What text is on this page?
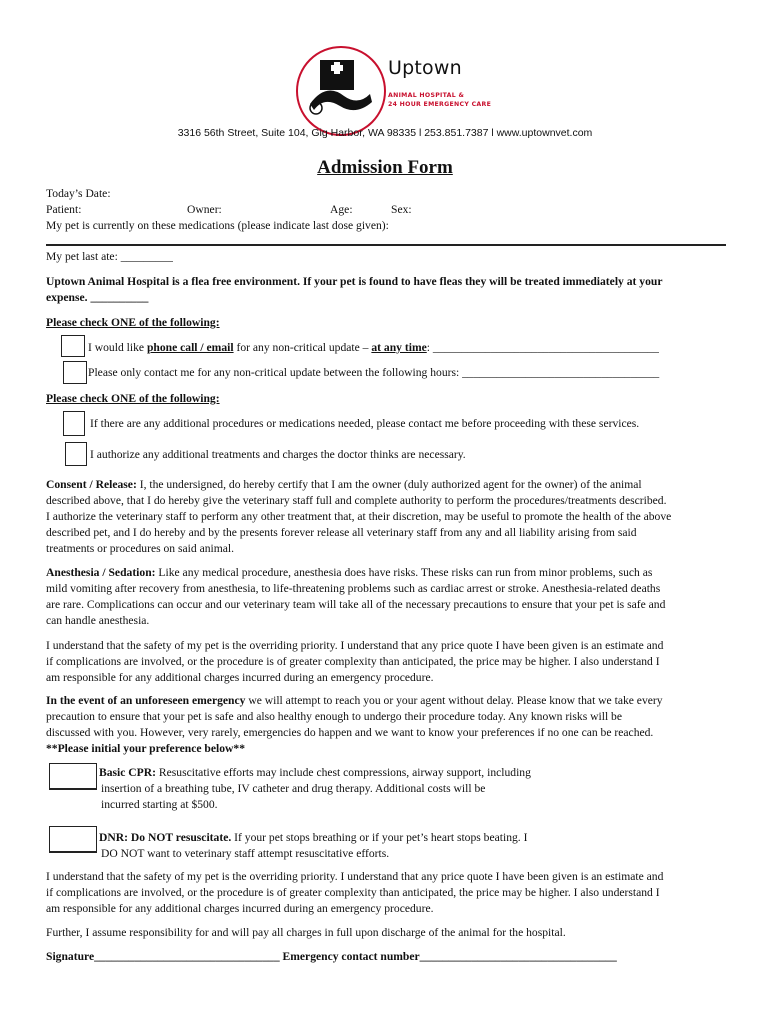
Uptown
ANIMAL HOSPITAL &
24 HOUR EMERGENCY CARE
3316 56th Street, Suite 104, Gig Harbor, WA 98335 l 253.851.7387 l www.uptownvet.com
Admission Form
Today’s Date:
Patient:	Owner:	Age:	Sex:
My pet is currently on these medications (please indicate last dose given):
My pet last ate: _________
Uptown Animal Hospital is a flea free environment. If your pet is found to have fleas they will be treated immediately at your
expense. __________
Please check ONE of the following:
I would like phone call / email for any non-critical update – at any time: _______________________________________
Please only contact me for any non-critical update between the following hours: __________________________________
Please check ONE of the following:
If there are any additional procedures or medications needed, please contact me before proceeding with these services.
I authorize any additional treatments and charges the doctor thinks are necessary.
Consent / Release: I, the undersigned, do hereby certify that I am the owner (duly authorized agent for the owner) of the animal
described above, that I do hereby give the veterinary staff full and complete authority to perform the procedures/treatments described.
I authorize the veterinary staff to perform any other treatment that, at their discretion, may be useful to promote the health of the above
described pet, and I do hereby and by the presents forever release all veterinary staff from any and all liability arising from said
treatments or procedures on said animal.
Anesthesia / Sedation: Like any medical procedure, anesthesia does have risks. These risks can run from minor problems, such as
mild vomiting after recovery from anesthesia, to life-threatening problems such as cardiac arrest or stroke. Anesthesia-related deaths
are rare. Complications can occur and our veterinary team will take all of the necessary precautions to ensure that your pet is safe and
can handle anesthesia.
I understand that the safety of my pet is the overriding priority. I understand that any price quote I have been given is an estimate and
if complications are involved, or the procedure is of greater complexity than anticipated, the price may be higher. I also understand I
am responsible for any additional charges incurred during an emergency procedure.
In the event of an unforeseen emergency we will attempt to reach you or your agent without delay. Please know that we take every
precaution to ensure that your pet is safe and also healthy enough to undergo their procedure today. Any known risks will be
discussed with you. However, very rarely, emergencies do happen and we want to know your preferences if no one can be reached.
**Please initial your preference below**
Basic CPR: Resuscitative efforts may include chest compressions, airway support, including
insertion of a breathing tube, IV catheter and drug therapy. Additional costs will be
incurred starting at $500.
DNR: Do NOT resuscitate. If your pet stops breathing or if your pet’s heart stops beating. I
DO NOT want to veterinary staff attempt resuscitative efforts.
I understand that the safety of my pet is the overriding priority. I understand that any price quote I have been given is an estimate and
if complications are involved, or the procedure is of greater complexity than anticipated, the price may be higher. I also understand I
am responsible for any additional charges incurred during an emergency procedure.
Further, I assume responsibility for and will pay all charges in full upon discharge of the animal for the hospital.
Signature________________________________ Emergency contact number__________________________________
